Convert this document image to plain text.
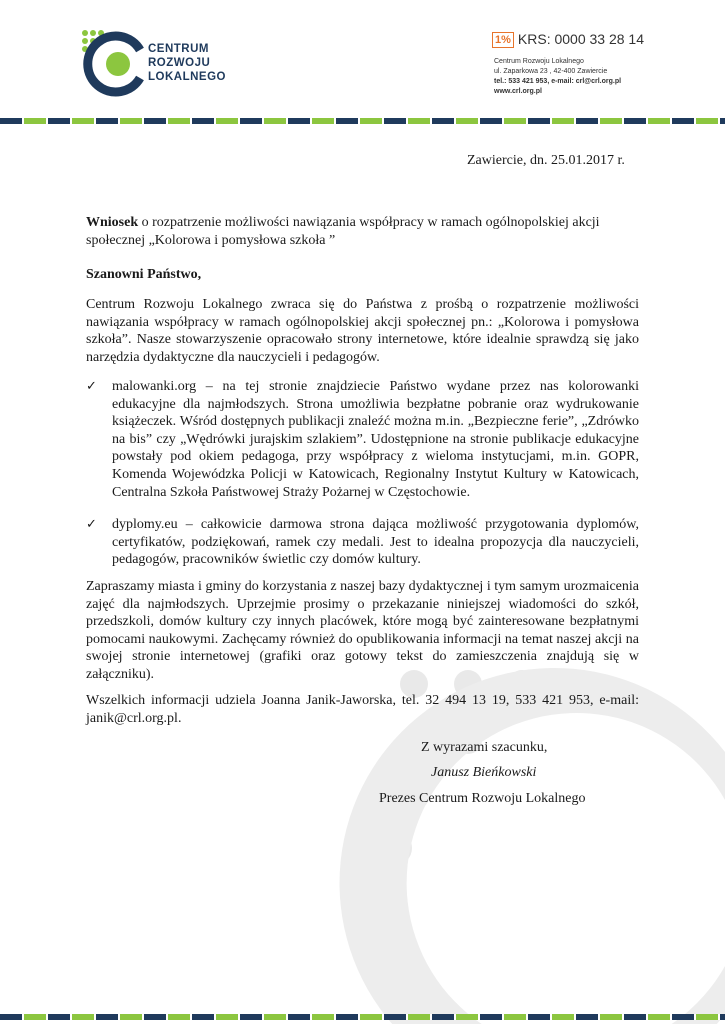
CENTRUM
ROZWOJU
LOKALNEGO
1% KRS: 0000 33 28 14
Centrum Rozwoju Lokalnego
ul. Zaparkowa 23 , 42-400 Zawiercie
tel.: 533 421 953, e-mail: crl@crl.org.pl
www.crl.org.pl
Zawiercie, dn. 25.01.2017 r.
Wniosek o rozpatrzenie możliwości nawiązania współpracy w ramach ogólnopolskiej akcji społecznej „Kolorowa i pomysłowa szkoła ”
Szanowni Państwo,
Centrum Rozwoju Lokalnego zwraca się do Państwa z prośbą o rozpatrzenie możliwości nawiązania współpracy w ramach ogólnopolskiej akcji społecznej pn.: „Kolorowa i pomysłowa szkoła”. Nasze stowarzyszenie opracowało strony internetowe, które idealnie sprawdzą się jako narzędzia dydaktyczne dla nauczycieli i pedagogów.
✓ malowanki.org – na tej stronie znajdziecie Państwo wydane przez nas kolorowanki edukacyjne dla najmłodszych. Strona umożliwia bezpłatne pobranie oraz wydrukowanie książeczek. Wśród dostępnych publikacji znaleźć można m.in. „Bezpieczne ferie”, „Zdrówko na bis” czy „Wędrówki jurajskim szlakiem”. Udostępnione na stronie publikacje edukacyjne powstały pod okiem pedagoga, przy współpracy z wieloma instytucjami, m.in. GOPR, Komenda Wojewódzka Policji w Katowicach, Regionalny Instytut Kultury w Katowicach, Centralna Szkoła Państwowej Straży Pożarnej w Częstochowie.
✓ dyplomy.eu – całkowicie darmowa strona dająca możliwość przygotowania dyplomów, certyfikatów, podziękowań, ramek czy medali. Jest to idealna propozycja dla nauczycieli, pedagogów, pracowników świetlic czy domów kultury.
Zapraszamy miasta i gminy do korzystania z naszej bazy dydaktycznej i tym samym urozmaicenia zajęć dla najmłodszych. Uprzejmie prosimy o przekazanie niniejszej wiadomości do szkół, przedszkoli, domów kultury czy innych placówek, które mogą być zainteresowane bezpłatnymi pomocami naukowymi. Zachęcamy również do opublikowania informacji na temat naszej akcji na swojej stronie internetowej (grafiki oraz gotowy tekst do zamieszczenia znajdują się w załączniku).
Wszelkich informacji udziela Joanna Janik-Jaworska, tel. 32 494 13 19, 533 421 953, e-mail: janik@crl.org.pl.
Z wyrazami szacunku,
Janusz Bieńkowski
Prezes Centrum Rozwoju Lokalnego
